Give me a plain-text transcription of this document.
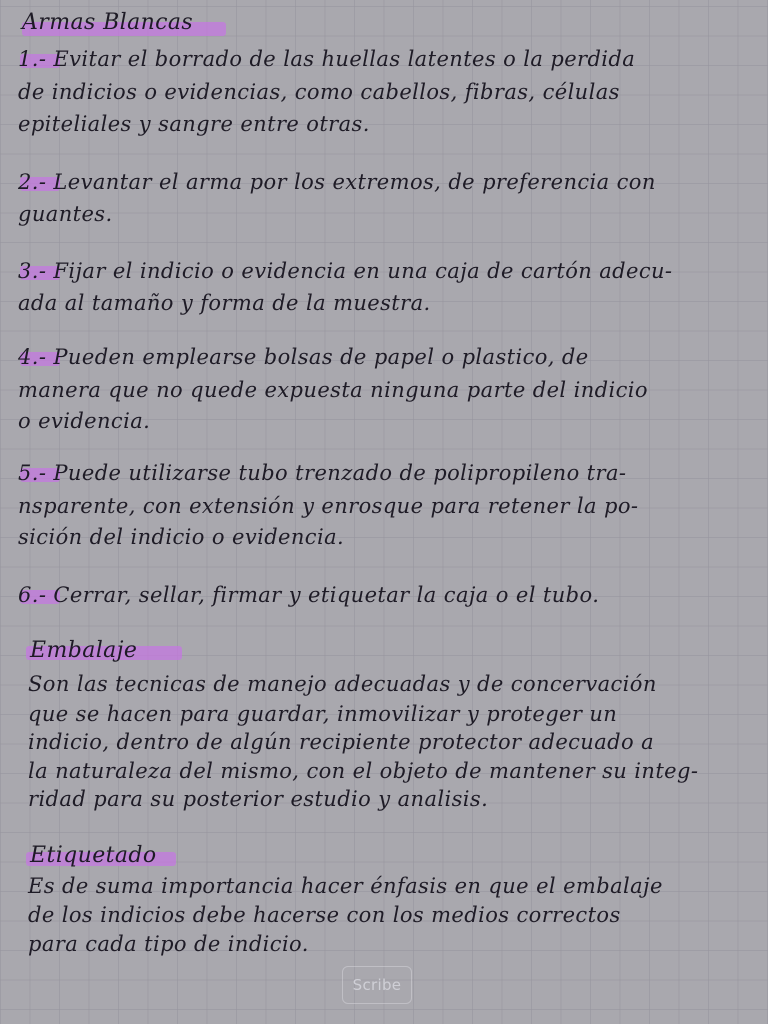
Armas Blancas
1.- Evitar el borrado de las huellas latentes o la perdida
de indicios o evidencias, como cabellos, fibras, células
epiteliales y sangre entre otras.
2.- Levantar el arma por los extremos, de preferencia con
guantes.
3.- Fijar el indicio o evidencia en una caja de cartón adecu-
ada al tamaño y forma de la muestra.
4.- Pueden emplearse bolsas de papel o plastico, de
manera que no quede expuesta ninguna parte del indicio
o evidencia.
5.- Puede utilizarse tubo trenzado de polipropileno tra-
nsparente, con extensión y enrosque para retener la po-
sición del indicio o evidencia.
6.- Cerrar, sellar, firmar y etiquetar la caja o el tubo.
Embalaje
Son las tecnicas de manejo adecuadas y de concervación
que se hacen para guardar, inmovilizar y proteger un
indicio, dentro de algún recipiente protector adecuado a
la naturaleza del mismo, con el objeto de mantener su integ-
ridad para su posterior estudio y analisis.
Etiquetado
Es de suma importancia hacer énfasis en que el embalaje
de los indicios debe hacerse con los medios correctos
para cada tipo de indicio.
Scribe
